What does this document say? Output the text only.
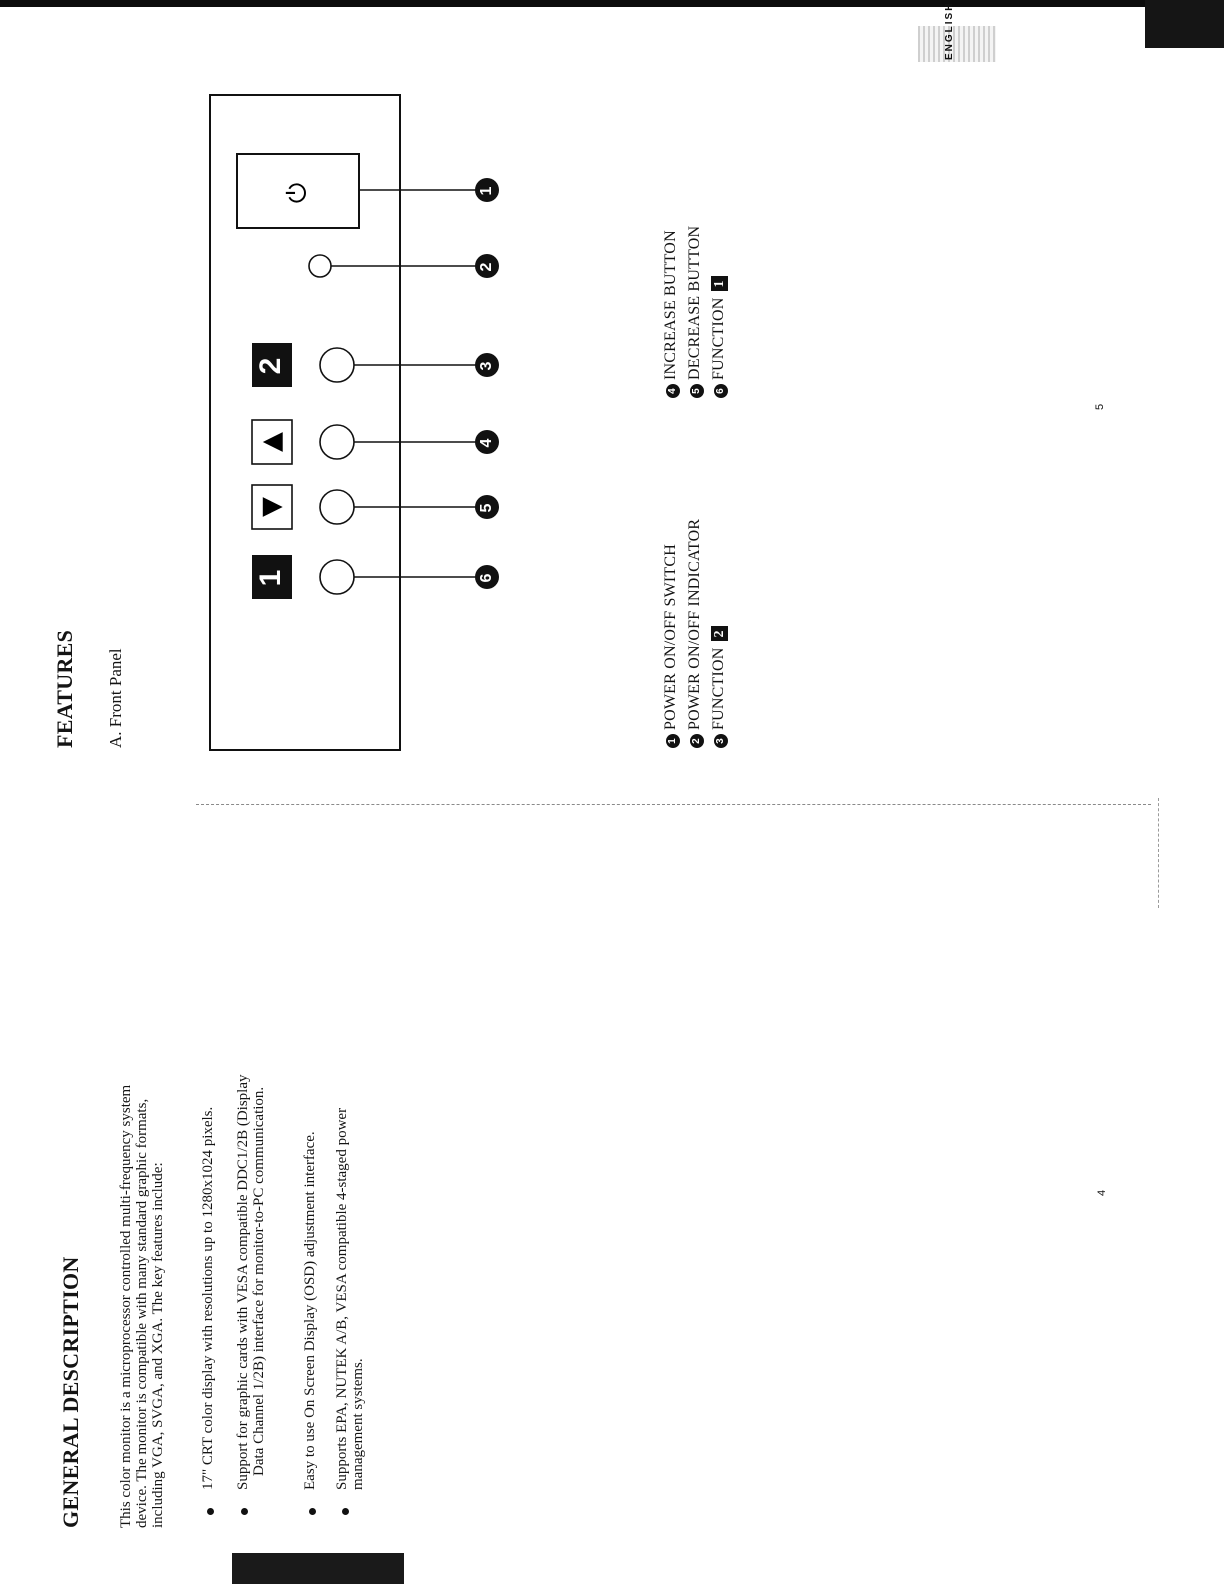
ENGLISH
GENERAL DESCRIPTION This color monitor is a microprocessor controlled multi-frequency system device. The monitor is compatible with many standard graphic formats, including VGA, SVGA, and XGA. The key features include: 17" CRT color display with resolutions up to 1280x1024 pixels. Support for graphic cards with VESA compatible DDC1/2B (Display Data Channel 1/2B) interface for monitor-to-PC communication. Easy to use On Screen Display (OSD) adjustment interface. Supports EPA, NUTEK A/B, VESA compatible 4-staged power management systems.
4
5
FEATURES A. Front Panel
⏻
2
▲
▼
1
1
2
3
4
5
6
1POWER ON/OFF SWITCH
2POWER ON/OFF INDICATOR
3FUNCTION2
4INCREASE BUTTON
5DECREASE BUTTON
6FUNCTION1
